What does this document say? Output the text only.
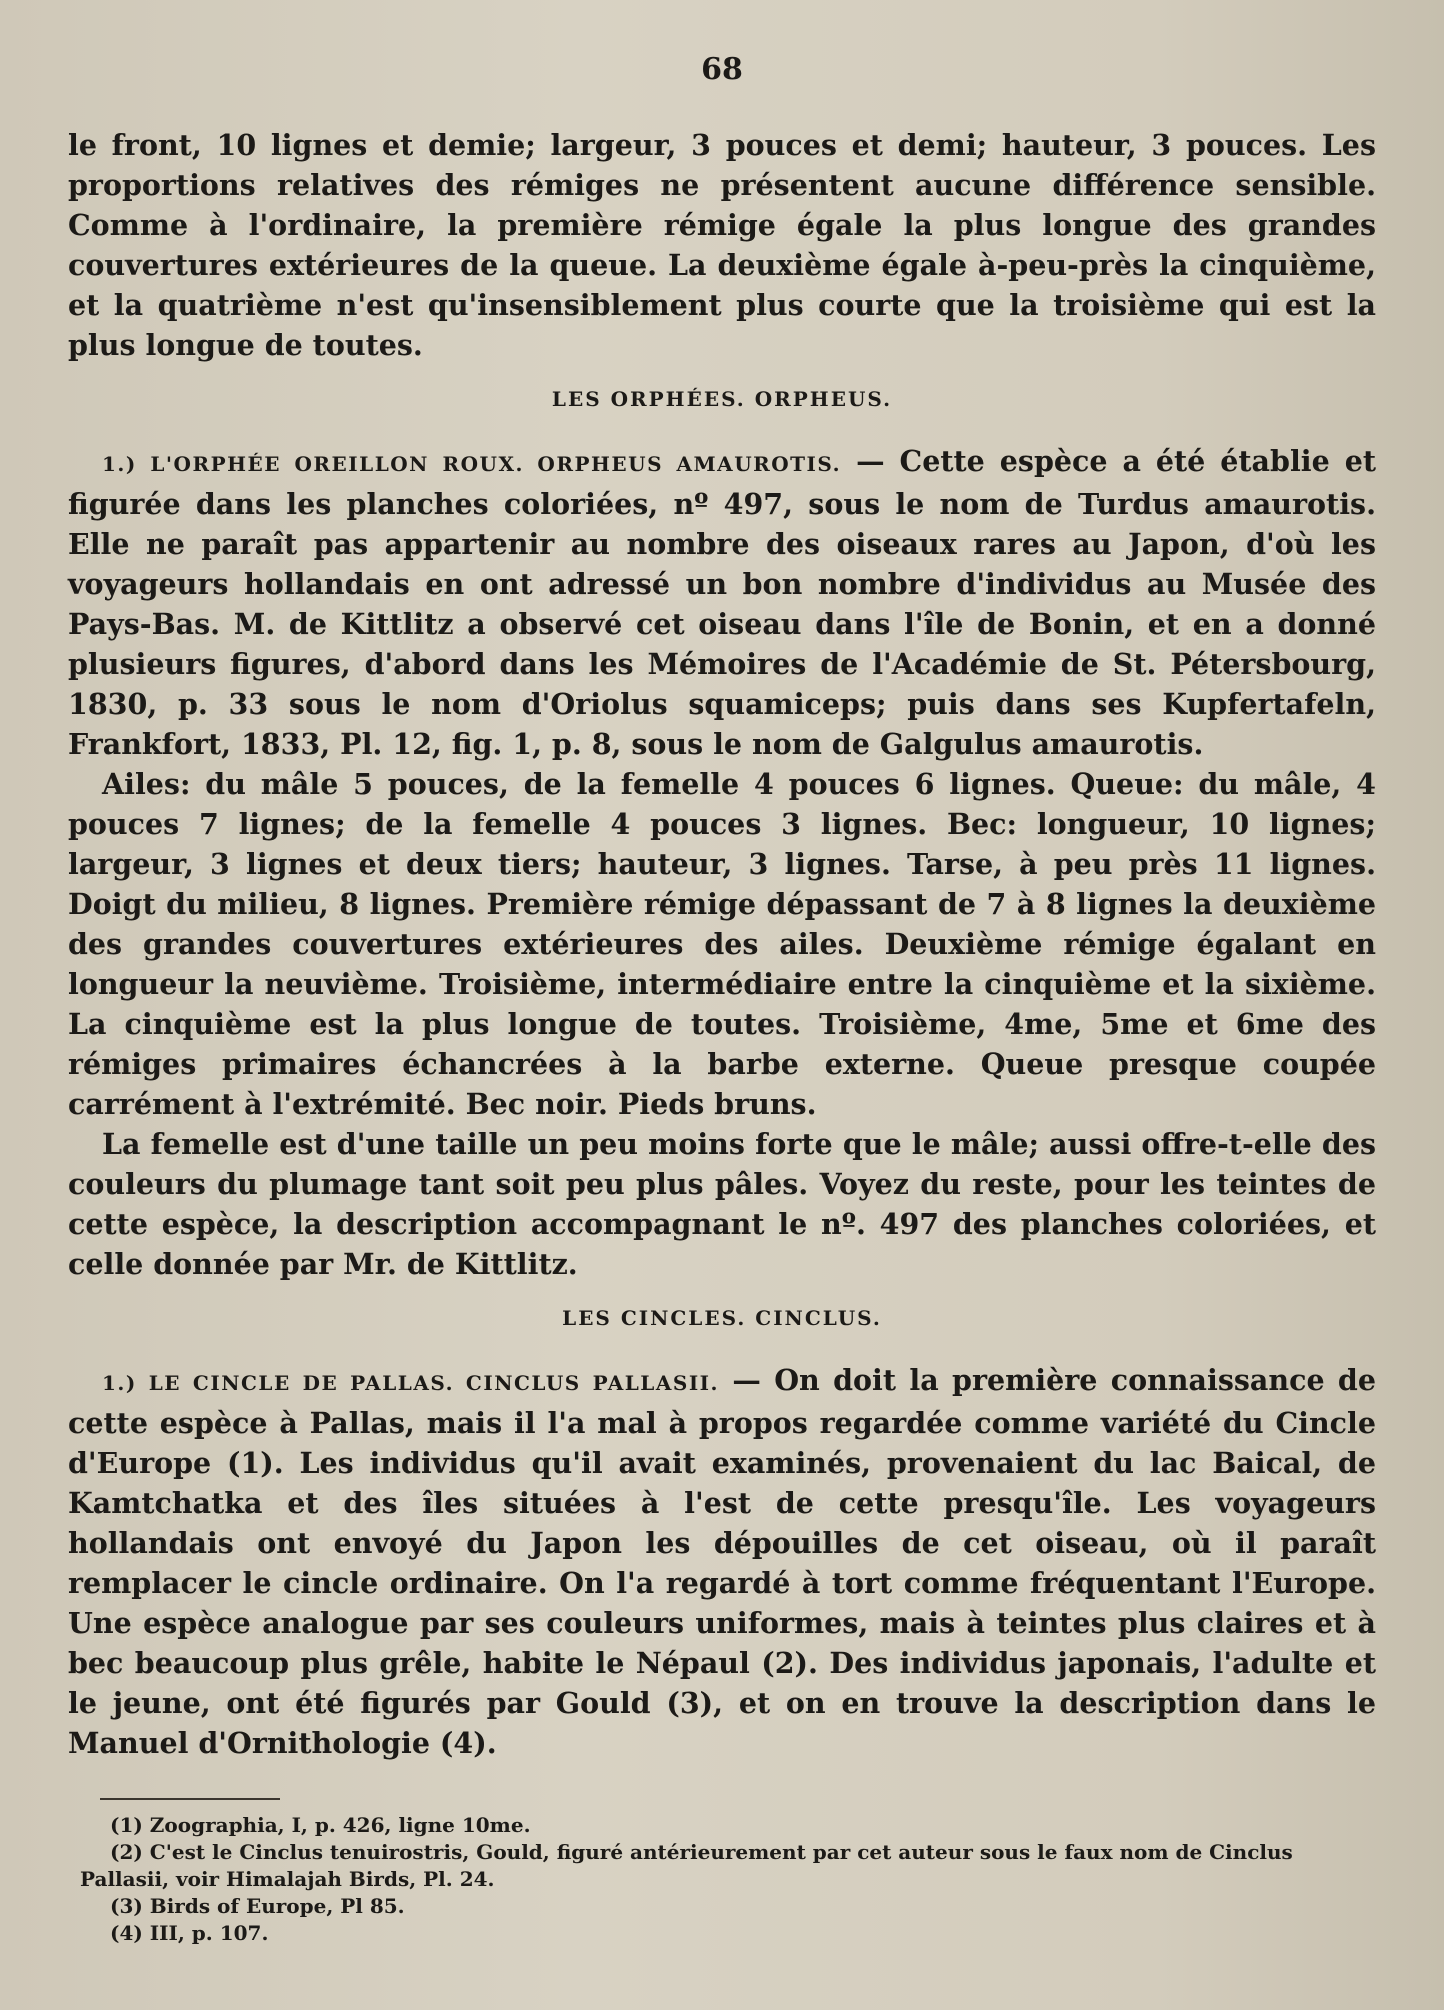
68

le front, 10 lignes et demie; largeur, 3 pouces et demi; hauteur, 3 pouces. Les proportions relatives des rémiges ne présentent aucune différence sensible. Comme à l'ordinaire, la première rémige égale la plus longue des grandes couvertures extérieures de la queue. La deuxième égale à-peu-près la cinquième, et la quatrième n'est qu'insensiblement plus courte que la troisième qui est la plus longue de toutes.

LES ORPHÉES. ORPHEUS.

1.) L'ORPHÉE OREILLON ROUX. ORPHEUS AMAUROTIS. — Cette espèce a été établie et figurée dans les planches coloriées, nº 497, sous le nom de Turdus amaurotis. Elle ne paraît pas appartenir au nombre des oiseaux rares au Japon, d'où les voyageurs hollandais en ont adressé un bon nombre d'individus au Musée des Pays-Bas. M. de Kittlitz a observé cet oiseau dans l'île de Bonin, et en a donné plusieurs figures, d'abord dans les Mémoires de l'Académie de St. Pétersbourg, 1830, p. 33 sous le nom d'Oriolus squamiceps; puis dans ses Kupfertafeln, Frankfort, 1833, Pl. 12, fig. 1, p. 8, sous le nom de Galgulus amaurotis.

Ailes: du mâle 5 pouces, de la femelle 4 pouces 6 lignes. Queue: du mâle, 4 pouces 7 lignes; de la femelle 4 pouces 3 lignes. Bec: longueur, 10 lignes; largeur, 3 lignes et deux tiers; hauteur, 3 lignes. Tarse, à peu près 11 lignes. Doigt du milieu, 8 lignes. Première rémige dépassant de 7 à 8 lignes la deuxième des grandes couvertures extérieures des ailes. Deuxième rémige égalant en longueur la neuvième. Troisième, intermédiaire entre la cinquième et la sixième. La cinquième est la plus longue de toutes. Troisième, 4me, 5me et 6me des rémiges primaires échancrées à la barbe externe. Queue presque coupée carrément à l'extrémité. Bec noir. Pieds bruns.

La femelle est d'une taille un peu moins forte que le mâle; aussi offre-t-elle des couleurs du plumage tant soit peu plus pâles. Voyez du reste, pour les teintes de cette espèce, la description accompagnant le nº. 497 des planches coloriées, et celle donnée par Mr. de Kittlitz.

LES CINCLES. CINCLUS.

1.) LE CINCLE DE PALLAS. CINCLUS PALLASII. — On doit la première connaissance de cette espèce à Pallas, mais il l'a mal à propos regardée comme variété du Cincle d'Europe (1). Les individus qu'il avait examinés, provenaient du lac Baical, de Kamtchatka et des îles situées à l'est de cette presqu'île. Les voyageurs hollandais ont envoyé du Japon les dépouilles de cet oiseau, où il paraît remplacer le cincle ordinaire. On l'a regardé à tort comme fréquentant l'Europe. Une espèce analogue par ses couleurs uniformes, mais à teintes plus claires et à bec beaucoup plus grêle, habite le Népaul (2). Des individus japonais, l'adulte et le jeune, ont été figurés par Gould (3), et on en trouve la description dans le Manuel d'Ornithologie (4).

(1) Zoographia, I, p. 426, ligne 10me.
(2) C'est le Cinclus tenuirostris, Gould, figuré antérieurement par cet auteur sous le faux nom de Cinclus
Pallasii, voir Himalajah Birds, Pl. 24.
(3) Birds of Europe, Pl 85.
(4) III, p. 107.
